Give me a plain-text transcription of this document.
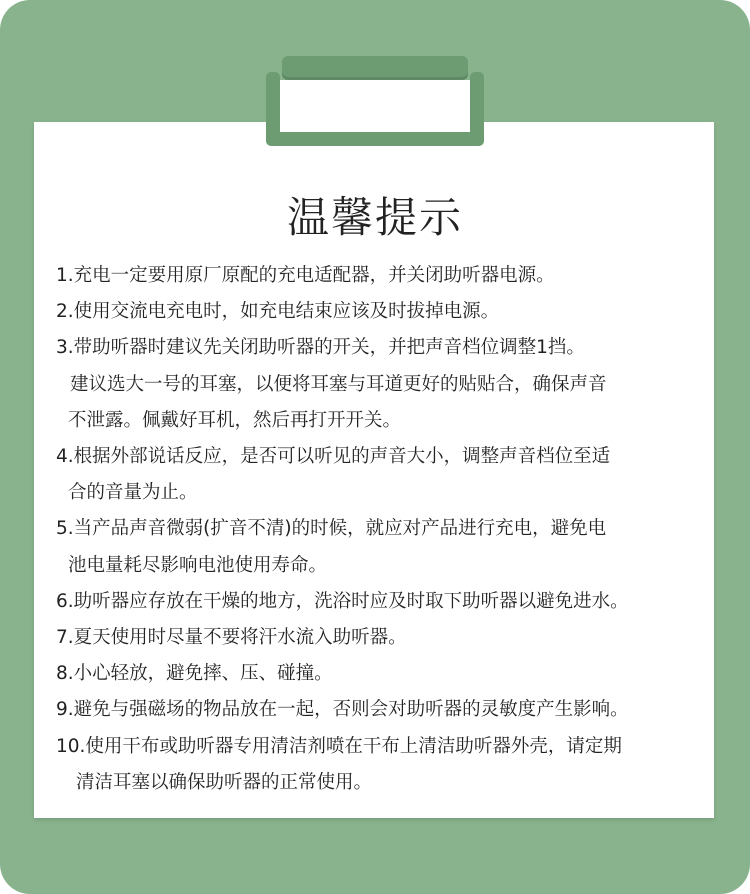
温馨提示
1.充电一定要用原厂原配的充电适配器，并关闭助听器电源。
2.使用交流电充电时，如充电结束应该及时拔掉电源。
3.带助听器时建议先关闭助听器的开关，并把声音档位调整1挡。
建议选大一号的耳塞，以便将耳塞与耳道更好的贴贴合，确保声音
不泄露。佩戴好耳机，然后再打开开关。
4.根据外部说话反应，是否可以听见的声音大小，调整声音档位至适
合的音量为止。
5.当产品声音微弱(扩音不清)的时候，就应对产品进行充电，避免电
池电量耗尽影响电池使用寿命。
6.助听器应存放在干燥的地方，洗浴时应及时取下助听器以避免进水。
7.夏天使用时尽量不要将汗水流入助听器。
8.小心轻放，避免摔、压、碰撞。
9.避免与强磁场的物品放在一起，否则会对助听器的灵敏度产生影响。
10.使用干布或助听器专用清洁剂喷在干布上清洁助听器外壳，请定期
清洁耳塞以确保助听器的正常使用。
